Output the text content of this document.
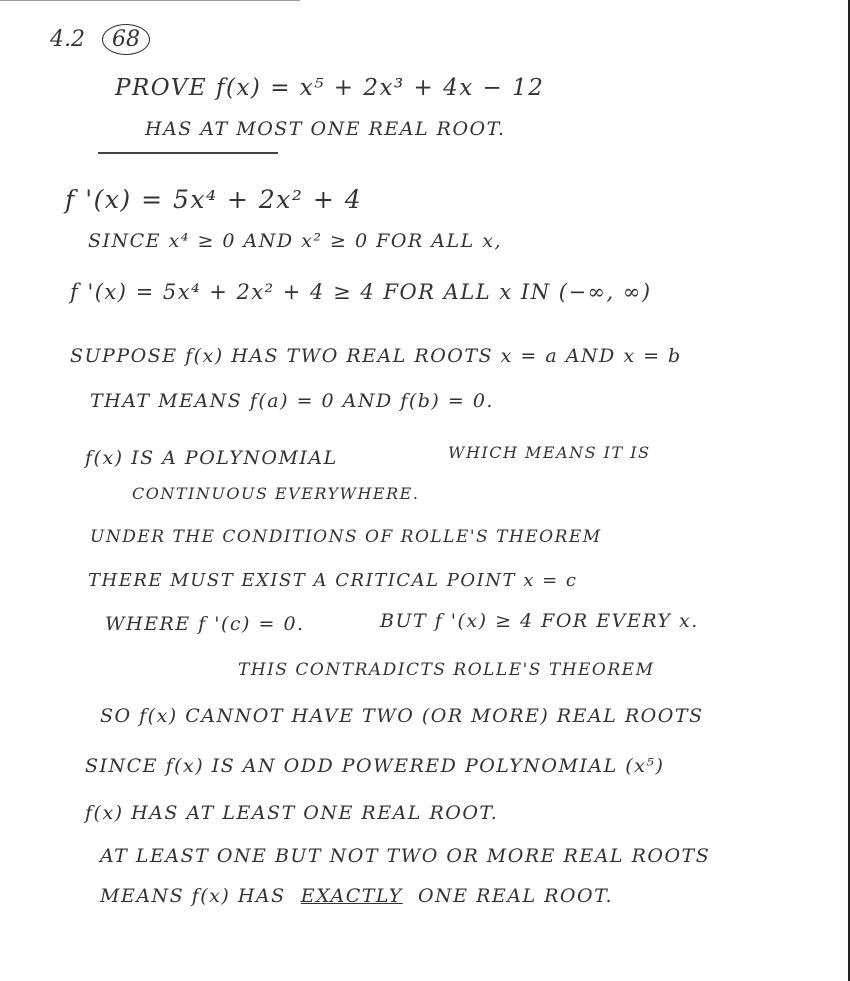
4.2 68
PROVE f(x) = x⁵ + 2x³ + 4x − 12
HAS AT MOST ONE REAL ROOT.
f '(x) = 5x⁴ + 2x² + 4
SINCE x⁴ ≥ 0 AND x² ≥ 0 FOR ALL x,
f '(x) = 5x⁴ + 2x² + 4 ≥ 4 FOR ALL x IN (−∞, ∞)
SUPPOSE f(x) HAS TWO REAL ROOTS x = a AND x = b
THAT MEANS f(a) = 0 AND f(b) = 0.
f(x) IS A POLYNOMIAL	WHICH MEANS IT IS
CONTINUOUS EVERYWHERE.
UNDER THE CONDITIONS OF ROLLE'S THEOREM
THERE MUST EXIST A CRITICAL POINT x = c
WHERE f '(c) = 0.	BUT f '(x) ≥ 4 FOR EVERY x.
THIS CONTRADICTS ROLLE'S THEOREM
SO f(x) CANNOT HAVE TWO (OR MORE) REAL ROOTS
SINCE f(x) IS AN ODD POWERED POLYNOMIAL (x⁵)
f(x) HAS AT LEAST ONE REAL ROOT.
AT LEAST ONE BUT NOT TWO OR MORE REAL ROOTS
MEANS f(x) HAS EXACTLY ONE REAL ROOT.
